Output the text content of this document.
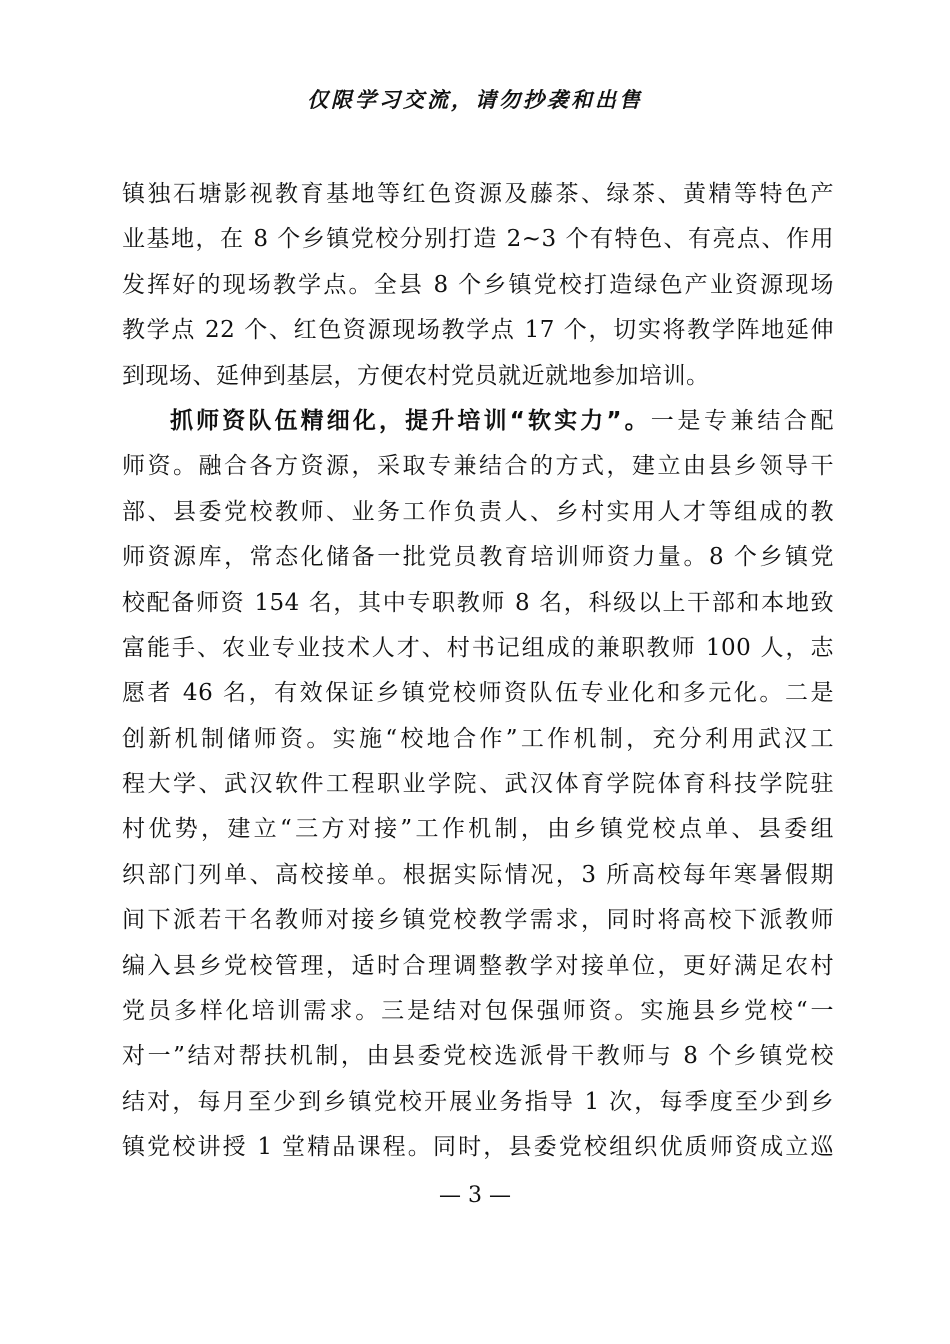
仅限学习交流，请勿抄袭和出售
镇独石塘影视教育基地等红色资源及藤茶、绿茶、黄精等特色产
业基地，在 8 个乡镇党校分别打造 2~3 个有特色、有亮点、作用
发挥好的现场教学点。全县 8 个乡镇党校打造绿色产业资源现场
教学点 22 个、红色资源现场教学点 17 个，切实将教学阵地延伸
到现场、延伸到基层，方便农村党员就近就地参加培训。
抓师资队伍精细化，提升培训“软实力”。一是专兼结合配
师资。融合各方资源，采取专兼结合的方式，建立由县乡领导干
部、县委党校教师、业务工作负责人、乡村实用人才等组成的教
师资源库，常态化储备一批党员教育培训师资力量。8 个乡镇党
校配备师资 154 名，其中专职教师 8 名，科级以上干部和本地致
富能手、农业专业技术人才、村书记组成的兼职教师 100 人，志
愿者 46 名，有效保证乡镇党校师资队伍专业化和多元化。二是
创新机制储师资。实施“校地合作”工作机制，充分利用武汉工
程大学、武汉软件工程职业学院、武汉体育学院体育科技学院驻
村优势，建立“三方对接”工作机制，由乡镇党校点单、县委组
织部门列单、高校接单。根据实际情况，3 所高校每年寒暑假期
间下派若干名教师对接乡镇党校教学需求，同时将高校下派教师
编入县乡党校管理，适时合理调整教学对接单位，更好满足农村
党员多样化培训需求。三是结对包保强师资。实施县乡党校“一
对一”结对帮扶机制，由县委党校选派骨干教师与 8 个乡镇党校
结对，每月至少到乡镇党校开展业务指导 1 次，每季度至少到乡
镇党校讲授 1 堂精品课程。同时，县委党校组织优质师资成立巡
— 3 —
